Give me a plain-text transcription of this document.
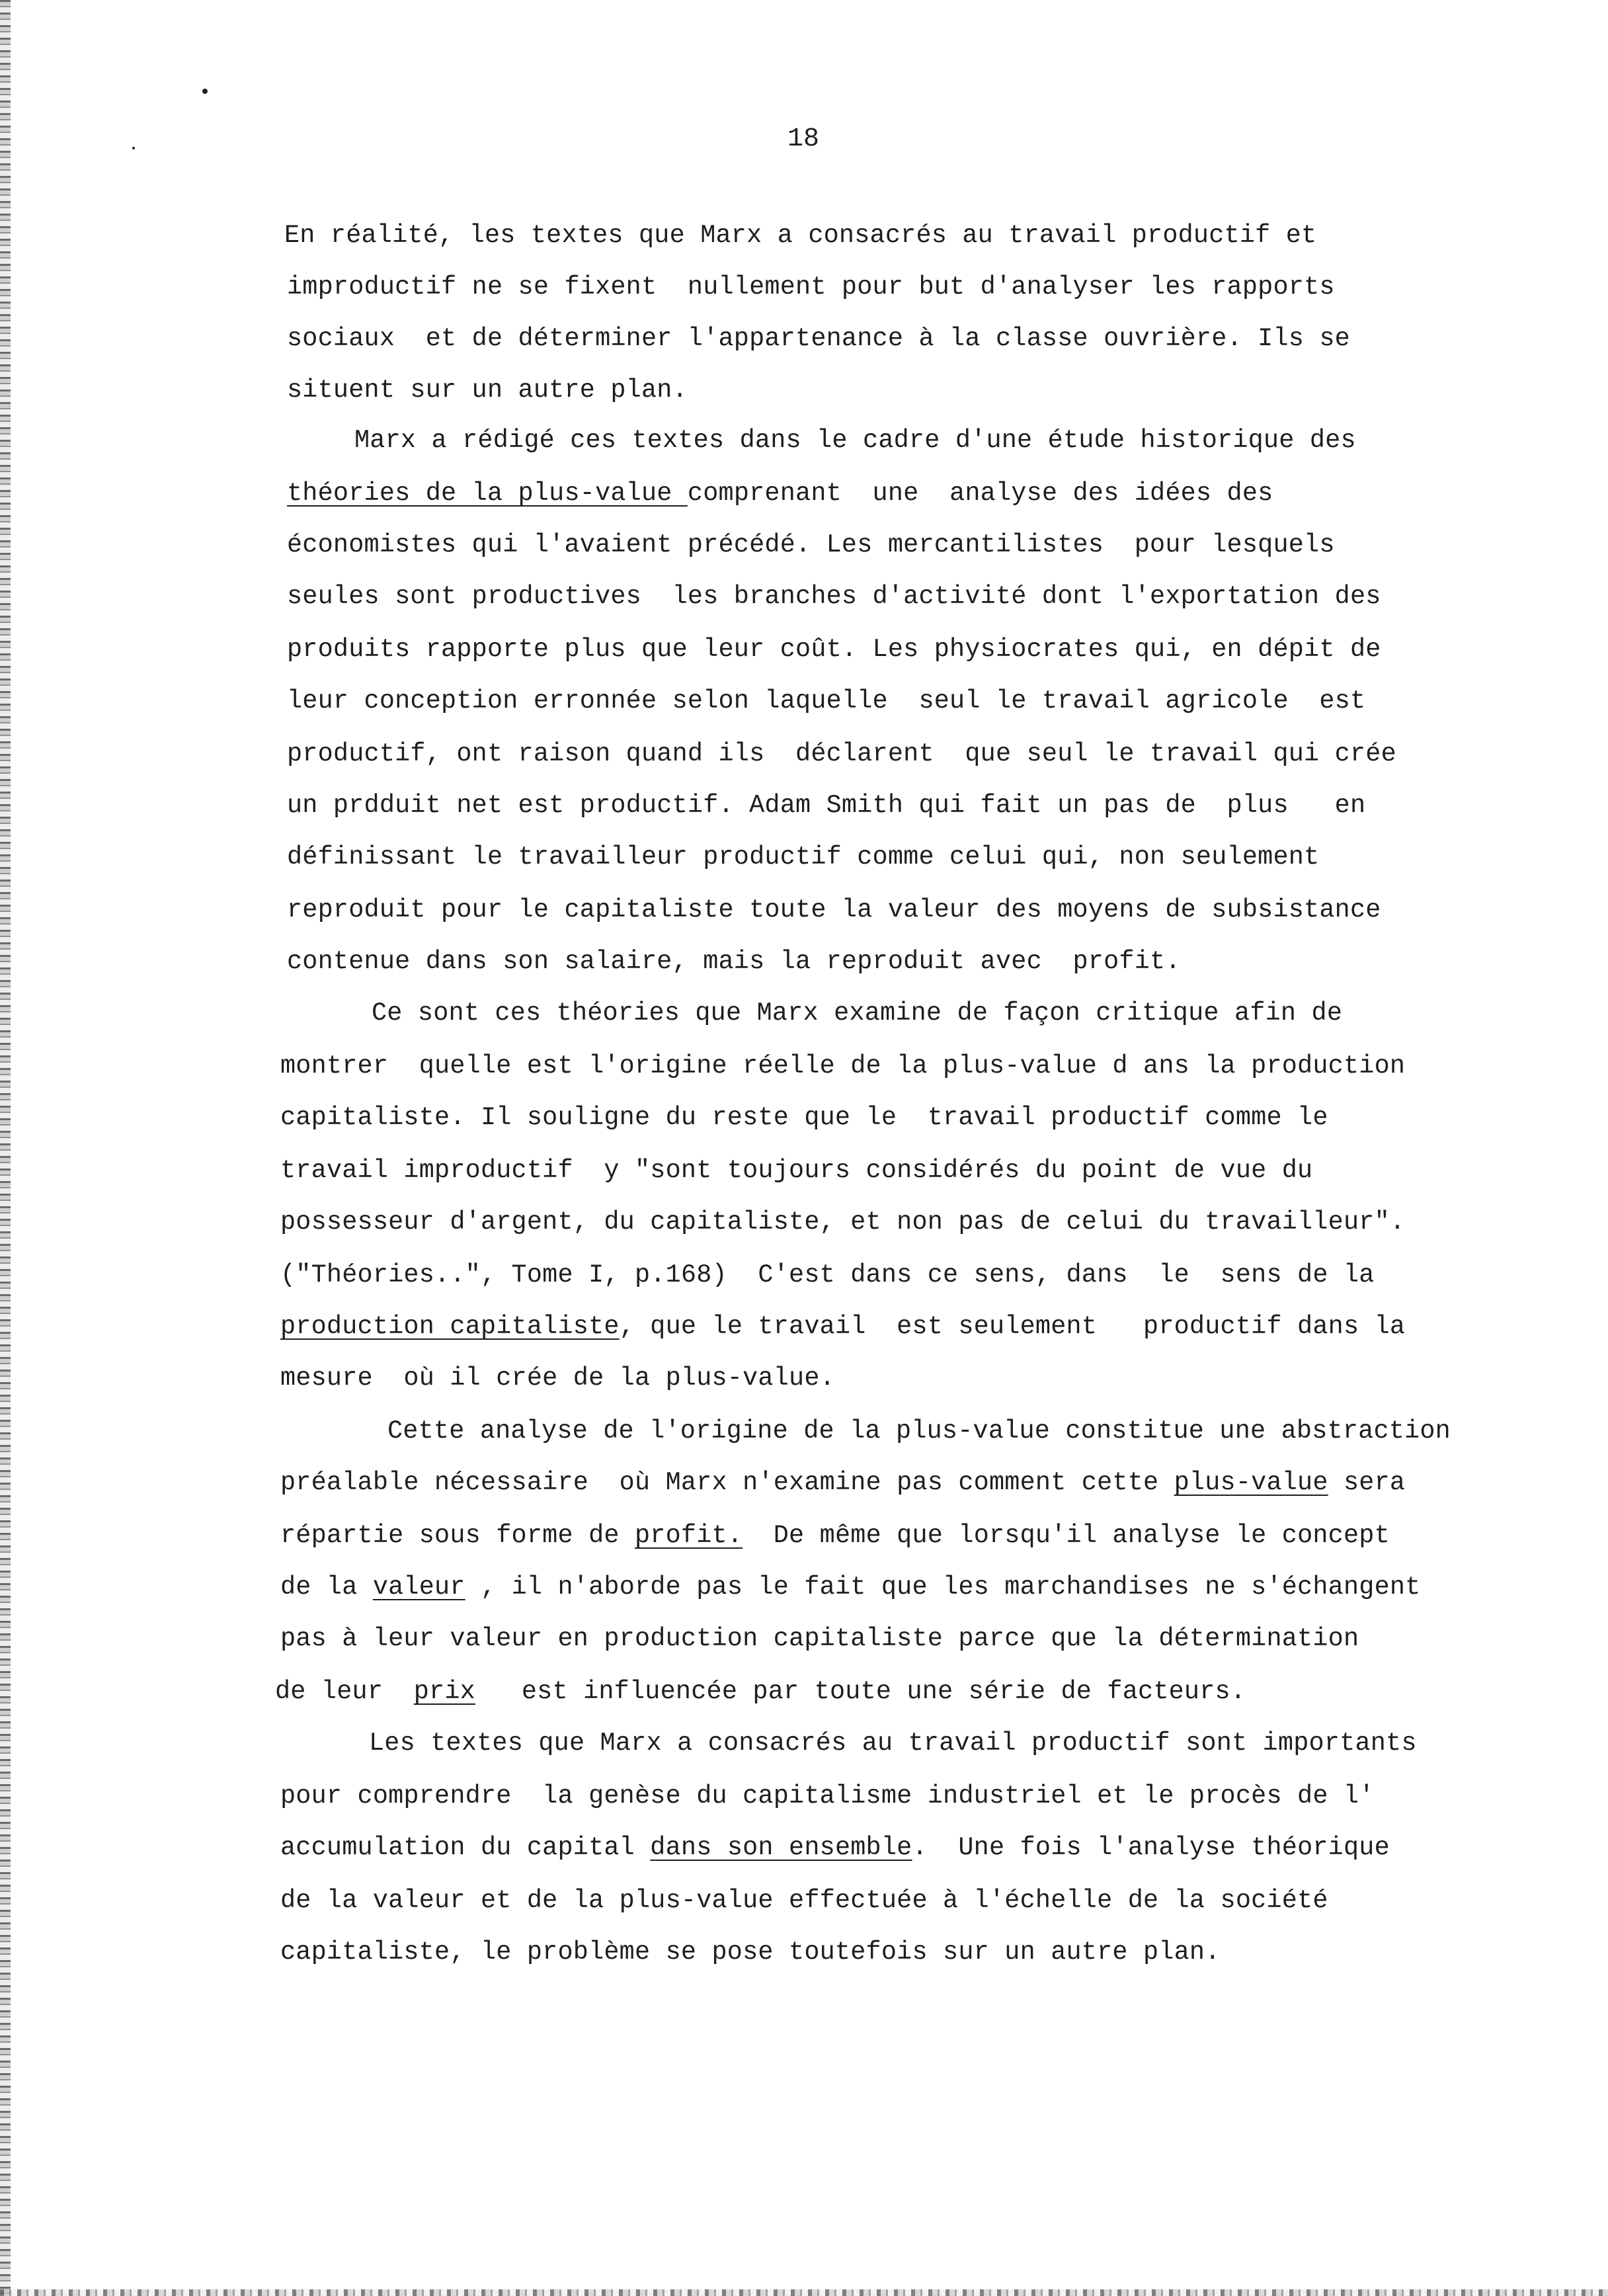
18

En réalité, les textes que Marx a consacrés au travail productif et
improductif ne se fixent  nullement pour but d'analyser les rapports
sociaux  et de déterminer l'appartenance à la classe ouvrière. Ils se
situent sur un autre plan.
Marx a rédigé ces textes dans le cadre d'une étude historique des
théories de la plus-value comprenant  une  analyse des idées des
économistes qui l'avaient précédé. Les mercantilistes  pour lesquels
seules sont productives  les branches d'activité dont l'exportation des
produits rapporte plus que leur coût. Les physiocrates qui, en dépit de
leur conception erronnée selon laquelle  seul le travail agricole  est
productif, ont raison quand ils  déclarent  que seul le travail qui crée
un prdduit net est productif. Adam Smith qui fait un pas de  plus   en
définissant le travailleur productif comme celui qui, non seulement
reproduit pour le capitaliste toute la valeur des moyens de subsistance
contenue dans son salaire, mais la reproduit avec  profit.
Ce sont ces théories que Marx examine de façon critique afin de
montrer  quelle est l'origine réelle de la plus-value d ans la production
capitaliste. Il souligne du reste que le  travail productif comme le
travail improductif  y "sont toujours considérés du point de vue du
possesseur d'argent, du capitaliste, et non pas de celui du travailleur".
("Théories..", Tome I, p.168)  C'est dans ce sens, dans  le  sens de la
production capitaliste, que le travail  est seulement   productif dans la
mesure  où il crée de la plus-value.
Cette analyse de l'origine de la plus-value constitue une abstraction
préalable nécessaire  où Marx n'examine pas comment cette plus-value sera
répartie sous forme de profit.  De même que lorsqu'il analyse le concept
de la valeur , il n'aborde pas le fait que les marchandises ne s'échangent
pas à leur valeur en production capitaliste parce que la détermination
de leur  prix   est influencée par toute une série de facteurs.
Les textes que Marx a consacrés au travail productif sont importants
pour comprendre  la genèse du capitalisme industriel et le procès de l'
accumulation du capital dans son ensemble.  Une fois l'analyse théorique
de la valeur et de la plus-value effectuée à l'échelle de la société
capitaliste, le problème se pose toutefois sur un autre plan.
